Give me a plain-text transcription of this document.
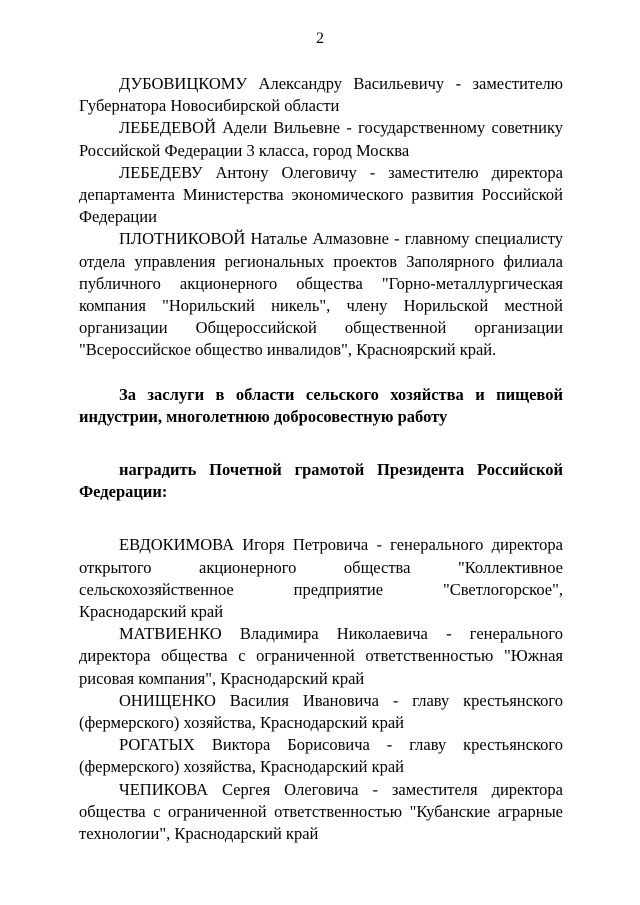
2

ДУБОВИЦКОМУ Александру Васильевичу - заместителю Губернатора Новосибирской области

ЛЕБЕДЕВОЙ Адели Вильевне - государственному советнику Российской Федерации 3 класса, город Москва

ЛЕБЕДЕВУ Антону Олеговичу - заместителю директора департамента Министерства экономического развития Российской Федерации

ПЛОТНИКОВОЙ Наталье Алмазовне - главному специалисту отдела управления региональных проектов Заполярного филиала публичного акционерного общества "Горно-металлургическая компания "Норильский никель", члену Норильской местной организации Общероссийской общественной организации "Всероссийское общество инвалидов", Красноярский край.

За заслуги в области сельского хозяйства и пищевой индустрии, многолетнюю добросовестную работу

наградить Почетной грамотой Президента Российской Федерации:

ЕВДОКИМОВА Игоря Петровича - генерального директора открытого акционерного общества "Коллективное сельскохозяйственное предприятие "Светлогорское", Краснодарский край

МАТВИЕНКО Владимира Николаевича - генерального директора общества с ограниченной ответственностью "Южная рисовая компания", Краснодарский край

ОНИЩЕНКО Василия Ивановича - главу крестьянского (фермерского) хозяйства, Краснодарский край

РОГАТЫХ Виктора Борисовича - главу крестьянского (фермерского) хозяйства, Краснодарский край

ЧЕПИКОВА Сергея Олеговича - заместителя директора общества с ограниченной ответственностью "Кубанские аграрные технологии", Краснодарский край
